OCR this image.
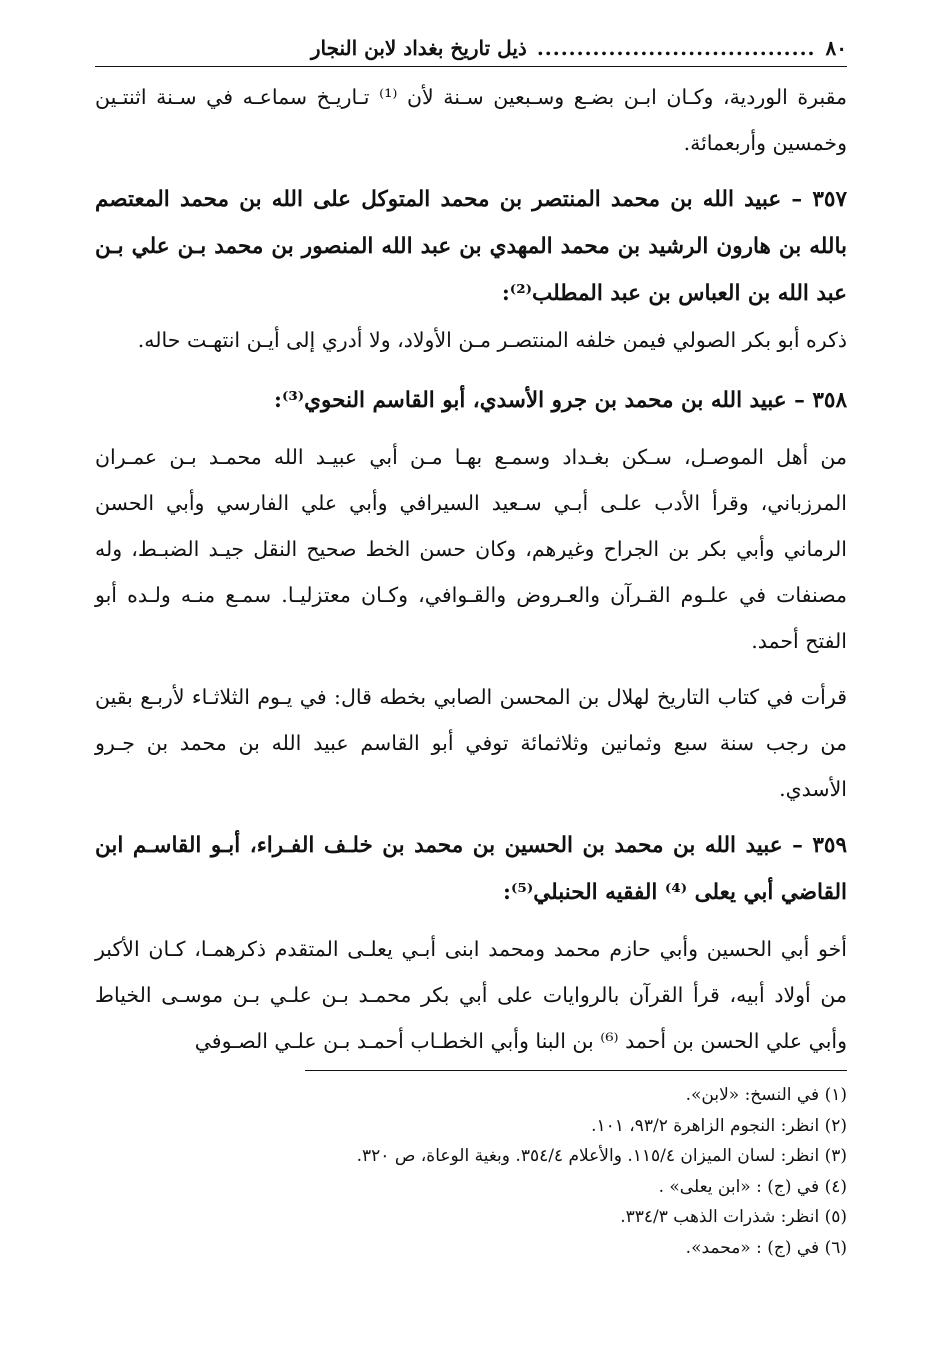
٨٠
...................................
ذيل تاريخ بغداد لابن النجار

مقبرة الوردية، وكـان ابـن بضـع وسـبعين سـنة لأن ⁽¹⁾ تـاريـخ سماعـه في سـنة اثنتـين وخمسين وأربعمائة.

٣٥٧ – عبيد الله بن محمد المنتصر بن محمد المتوكل على الله بن محمد المعتصم بالله بن هارون الرشيد بن محمد المهدي بن عبد الله المنصور بن محمد بـن علي بـن عبد الله بن العباس بن عبد المطلب⁽²⁾:

ذكره أبو بكر الصولي فيمن خلفه المنتصـر مـن الأولاد، ولا أدري إلى أيـن انتهـت حاله.

٣٥٨ – عبيد الله بن محمد بن جرو الأسدي، أبو القاسم النحوي⁽³⁾:

من أهل الموصـل، سـكن بغـداد وسمـع بهـا مـن أبي عبيـد الله محمـد بـن عمـران المرزباني، وقرأ الأدب علـى أبـي سـعيد السيرافي وأبي علي الفارسي وأبي الحسن الرماني وأبي بكر بن الجراح وغيرهم، وكان حسن الخط صحيح النقل جيـد الضبـط، وله مصنفات في علـوم القـرآن والعـروض والقـوافي، وكـان معتزليـا. سمـع منـه ولـده أبو الفتح أحمد.

قرأت في كتاب التاريخ لهلال بن المحسن الصابي بخطه قال: في يـوم الثلاثـاء لأربـع بقين من رجب سنة سبع وثمانين وثلاثمائة توفي أبو القاسم عبيد الله بن محمد بن جـرو الأسدي.

٣٥٩ – عبيد الله بن محمد بن الحسين بن محمد بن خلـف الفـراء، أبـو القاسـم ابن القاضي أبي يعلى ⁽⁴⁾ الفقيه الحنبلي⁽⁵⁾:

أخو أبي الحسين وأبي حازم محمد ومحمد ابنى أبـي يعلـى المتقدم ذكرهمـا، كـان الأكبر من أولاد أبيه، قرأ القرآن بالروايات على أبي بكر محمـد بـن علـي بـن موسـى الخياط وأبي علي الحسن بن أحمد ⁽⁶⁾ بن البنا وأبي الخطـاب أحمـد بـن علـي الصـوفي

(١) في النسخ: «لابن».
(٢) انظر: النجوم الزاهرة ٩٣/٢، ١٠١.
(٣) انظر: لسان الميزان ١١٥/٤. والأعلام ٣٥٤/٤. وبغية الوعاة، ص ٣٢٠.
(٤) في (ج) : «ابن يعلى» .
(٥) انظر: شذرات الذهب ٣٣٤/٣.
(٦) في (ج) : «محمد».
